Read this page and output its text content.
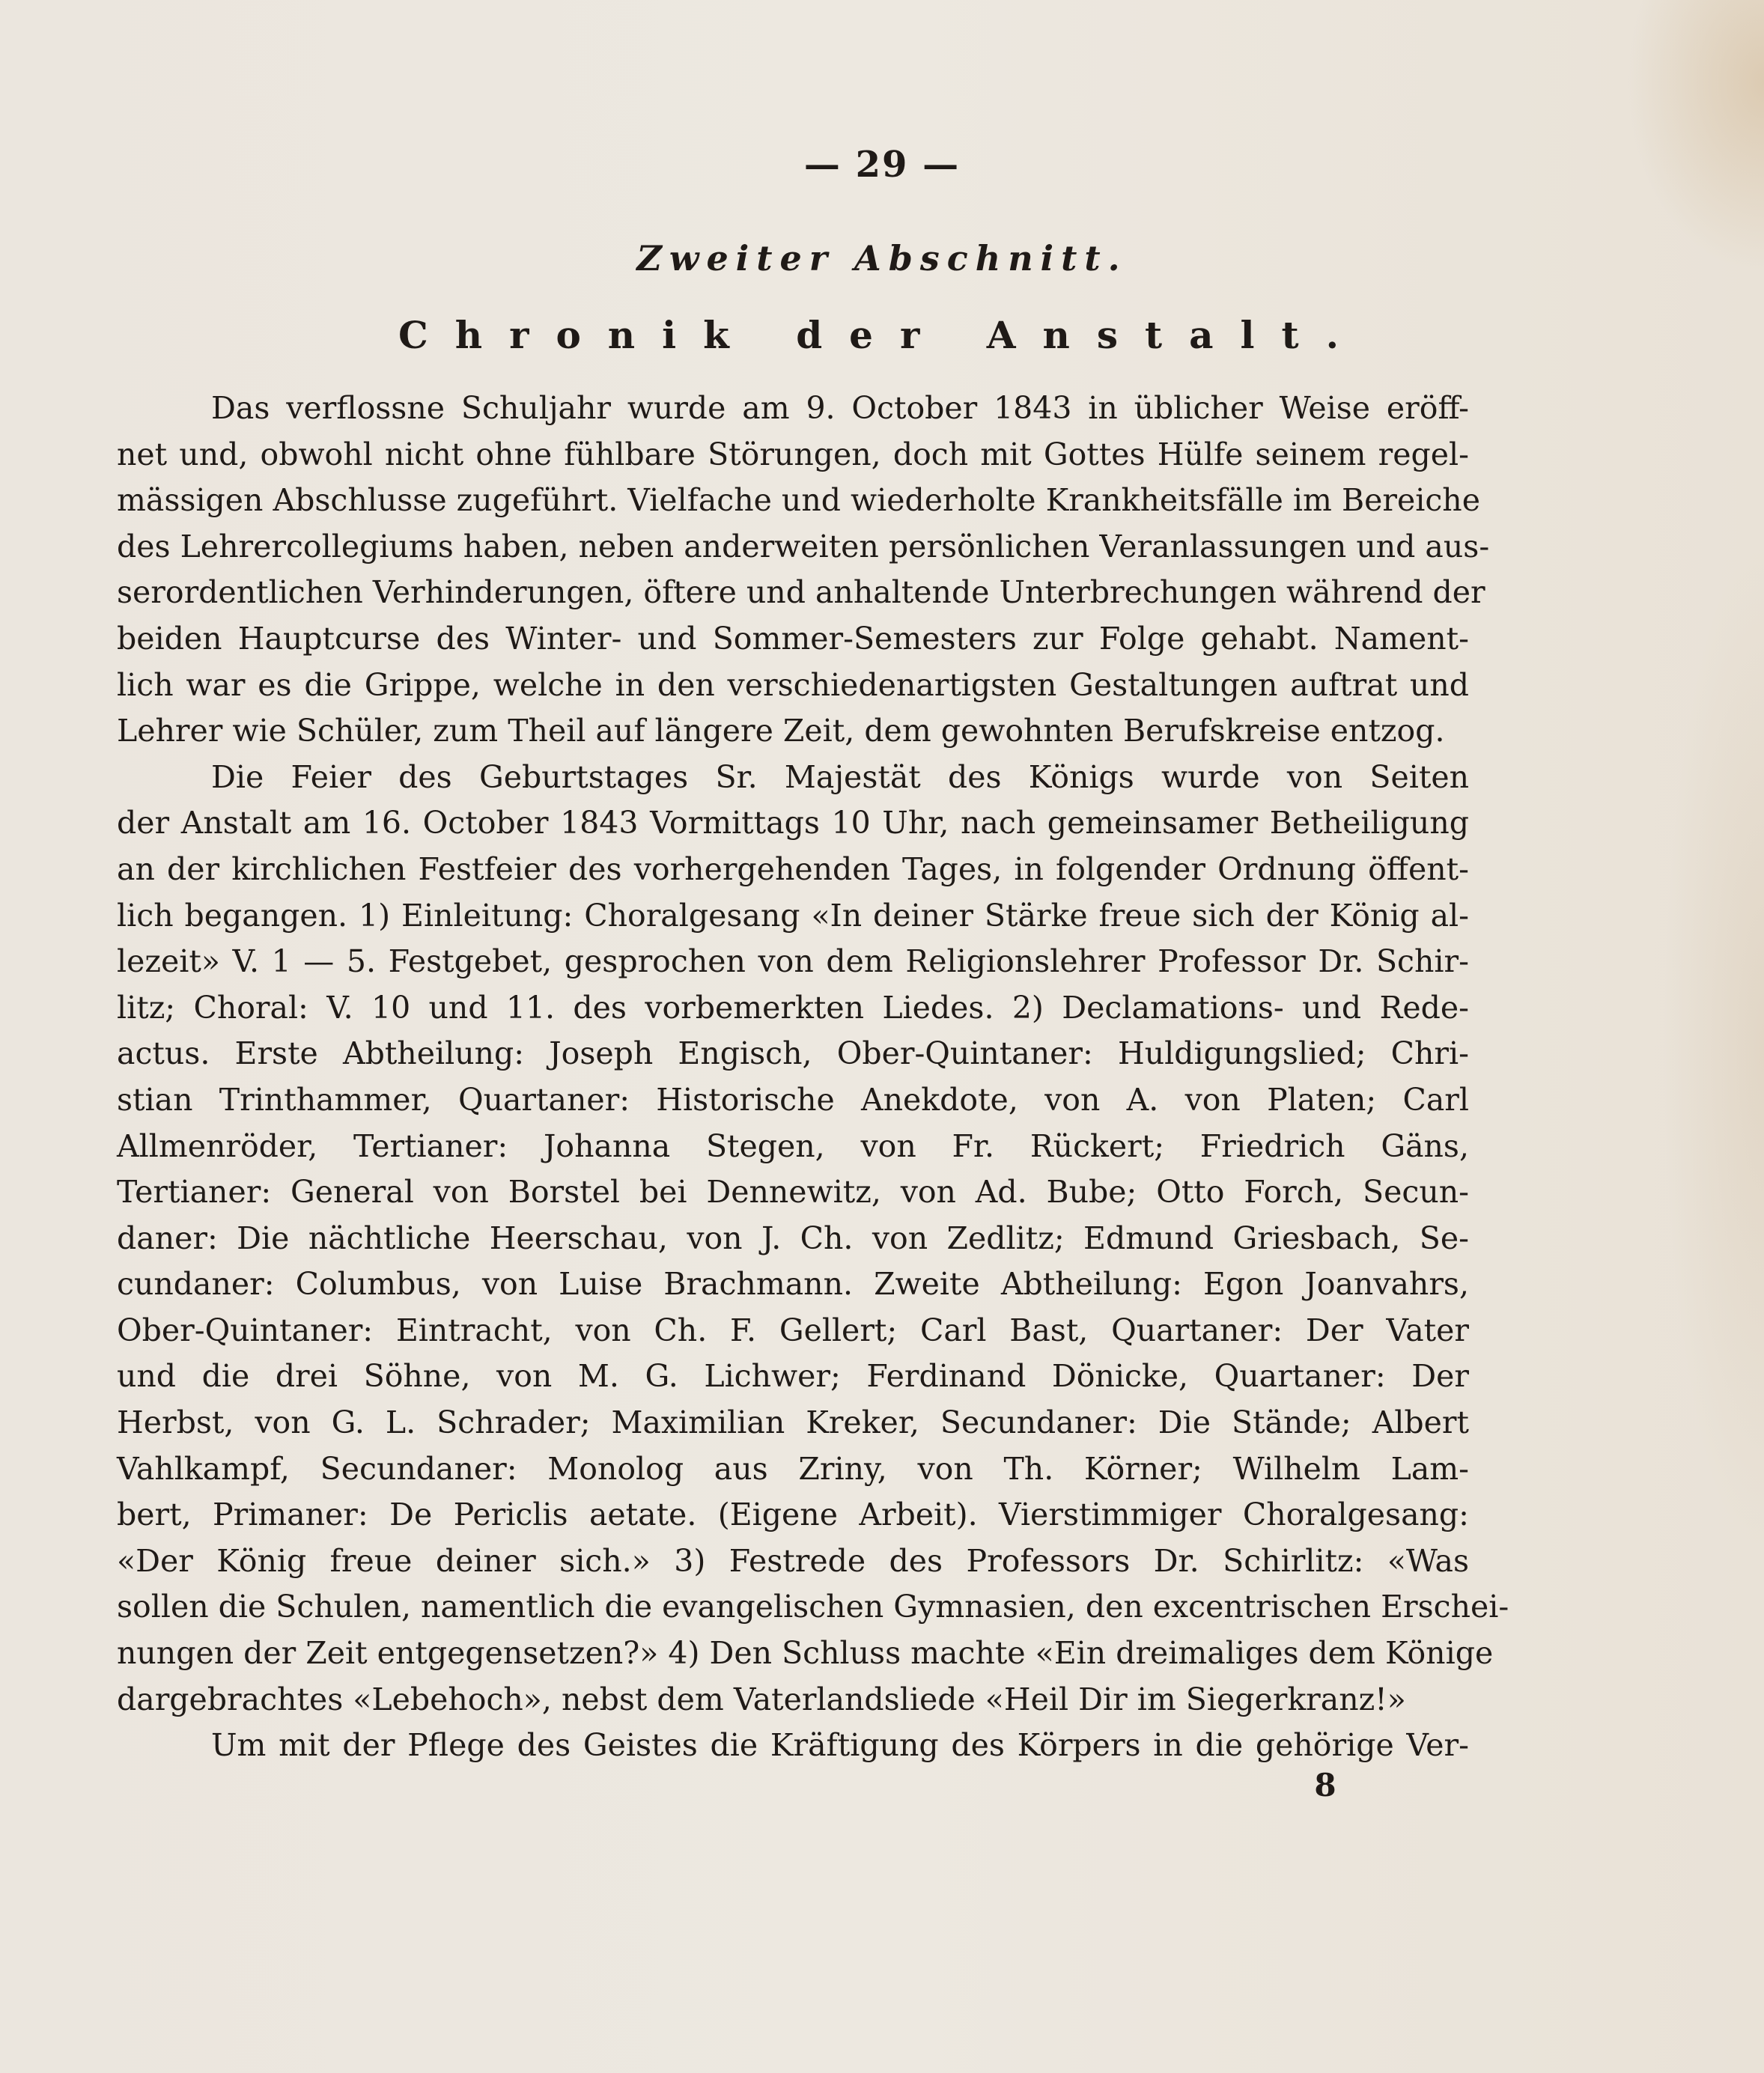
— 29 —
Zweiter Abschnitt.
Chronik der Anstalt.
Das verflossne Schuljahr wurde am 9. October 1843 in üblicher Weise eröff-
net und, obwohl nicht ohne fühlbare Störungen, doch mit Gottes Hülfe seinem regel-
mässigen Abschlusse zugeführt. Vielfache und wiederholte Krankheitsfälle im Bereiche
des Lehrercollegiums haben, neben anderweiten persönlichen Veranlassungen und aus-
serordentlichen Verhinderungen, öftere und anhaltende Unterbrechungen während der
beiden Hauptcurse des Winter- und Sommer-Semesters zur Folge gehabt. Nament-
lich war es die Grippe, welche in den verschiedenartigsten Gestaltungen auftrat und
Lehrer wie Schüler, zum Theil auf längere Zeit, dem gewohnten Berufskreise entzog.
Die Feier des Geburtstages Sr. Majestät des Königs wurde von Seiten
der Anstalt am 16. October 1843 Vormittags 10 Uhr, nach gemeinsamer Betheiligung
an der kirchlichen Festfeier des vorhergehenden Tages, in folgender Ordnung öffent-
lich begangen. 1) Einleitung: Choralgesang «In deiner Stärke freue sich der König al-
lezeit» V. 1 — 5. Festgebet, gesprochen von dem Religionslehrer Professor Dr. Schir-
litz; Choral: V. 10 und 11. des vorbemerkten Liedes. 2) Declamations- und Rede-
actus. Erste Abtheilung: Joseph Engisch, Ober-Quintaner: Huldigungslied; Chri-
stian Trinthammer, Quartaner: Historische Anekdote, von A. von Platen; Carl
Allmenröder, Tertianer: Johanna Stegen, von Fr. Rückert; Friedrich Gäns,
Tertianer: General von Borstel bei Dennewitz, von Ad. Bube; Otto Forch, Secun-
daner: Die nächtliche Heerschau, von J. Ch. von Zedlitz; Edmund Griesbach, Se-
cundaner: Columbus, von Luise Brachmann. Zweite Abtheilung: Egon Joanvahrs,
Ober-Quintaner: Eintracht, von Ch. F. Gellert; Carl Bast, Quartaner: Der Vater
und die drei Söhne, von M. G. Lichwer; Ferdinand Dönicke, Quartaner: Der
Herbst, von G. L. Schrader; Maximilian Kreker, Secundaner: Die Stände; Albert
Vahlkampf, Secundaner: Monolog aus Zriny, von Th. Körner; Wilhelm Lam-
bert, Primaner: De Periclis aetate. (Eigene Arbeit). Vierstimmiger Choralgesang:
«Der König freue deiner sich.» 3) Festrede des Professors Dr. Schirlitz: «Was
sollen die Schulen, namentlich die evangelischen Gymnasien, den excentrischen Erschei-
nungen der Zeit entgegensetzen?» 4) Den Schluss machte «Ein dreimaliges dem Könige
dargebrachtes «Lebehoch», nebst dem Vaterlandsliede «Heil Dir im Siegerkranz!»
Um mit der Pflege des Geistes die Kräftigung des Körpers in die gehörige Ver-
8
